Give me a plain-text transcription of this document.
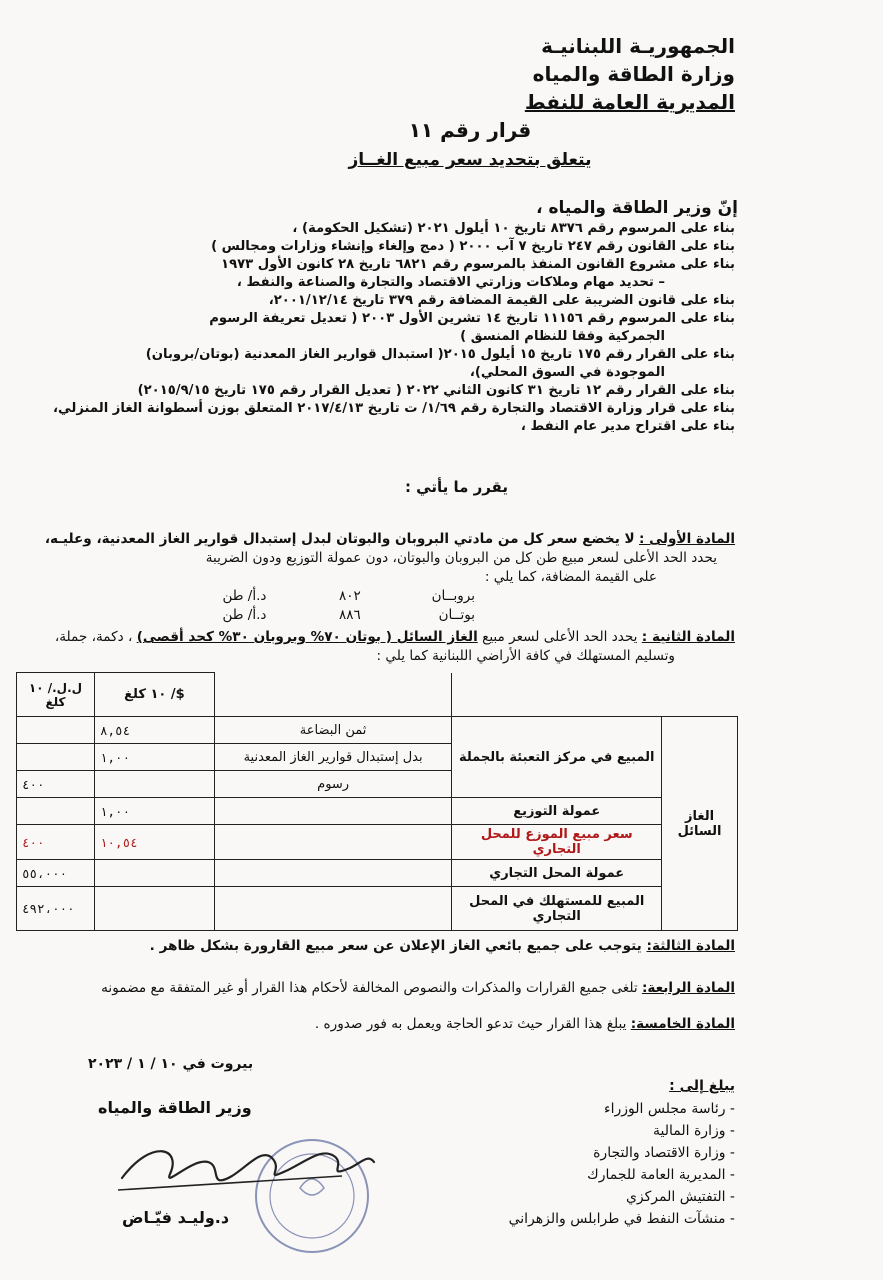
الجمهوريـة اللبنانيـة
وزارة الطاقة والمياه
المديرية العامة للنفط
قرار رقم ١١
يتعلق بتحديد سعر مبيع الغــاز
إنّ وزير الطاقة والمياه ،
بناء على المرسوم رقم ٨٣٧٦ تاريخ ١٠ أيلول ٢٠٢١ (تشكيل الحكومة) ،
بناء على القانون رقم ٢٤٧ تاريخ ٧ آب ٢٠٠٠ ( دمج وإلغاء وإنشاء وزارات ومجالس )
بناء على مشروع القانون المنفذ بالمرسوم رقم ٦٨٢١ تاريخ ٢٨ كانون الأول ١٩٧٣
– تحديد مهام وملاكات وزارتي الاقتصاد والتجارة والصناعة والنفط ،
بناء على قانون الضريبة على القيمة المضافة رقم ٣٧٩ تاريخ ٢٠٠١/١٢/١٤،
بناء على المرسوم رقم ١١١٥٦ تاريخ ١٤ تشرين الأول ٢٠٠٣ ( تعديل تعريفة الرسوم
الجمركية وفقا للنظام المنسق )
بناء على القرار رقم ١٧٥ تاريخ ١٥ أيلول ٢٠١٥( استبدال قوارير الغاز المعدنية (بوتان/بروبان)
الموجودة في السوق المحلي)،
بناء على القرار رقم ١٢ تاريخ ٣١ كانون الثاني ٢٠٢٢ ( تعديل القرار رقم ١٧٥ تاريخ ٢٠١٥/٩/١٥)
بناء على قرار وزارة الاقتصاد والتجارة رقم ١/٦٩/ ت تاريخ ٢٠١٧/٤/١٣ المتعلق بوزن أسطوانة الغاز المنزلي،
بناء على اقتراح مدير عام النفط ،
يقرر ما يأتي :
المادة الأولى : لا يخضع سعر كل من مادتي البروبان والبوتان لبدل إستبدال قوارير الغاز المعدنية، وعليـه،
يحدد الحد الأعلى لسعر مبيع طن كل من البروبان والبوتان، دون عمولة التوزيع ودون الضريبة
على القيمة المضافة، كما يلي :
بروبــان ٨٠٢ د.أ/ طن
بوتــان ٨٨٦ د.أ/ طن
المادة الثانية : يحدد الحد الأعلى لسعر مبيع الغاز السائل ( بوتان ٧٠% وبروبان ٣٠% كحد أقصى) ، دكمة، جملة،
وتسليم المستهلك في كافة الأراضي اللبنانية كما يلي :
			$/ ١٠ كلغ	ل.ل./ ١٠ كلغ
الغاز السائل	المبيع في مركز التعبئة بالجملة	ثمن البضاعة	٨,٥٤	
		بدل إستبدال قوارير الغاز المعدنية	١,٠٠	
		رسوم		٤٠٠
	عمولة التوزيع		١,٠٠	
	سعر مبيع الموزع للمحل التجاري		١٠,٥٤	٤٠٠
	عمولة المحل التجاري			٥٥،٠٠٠
	المبيع للمستهلك في المحل التجاري			٤٩٢،٠٠٠
المادة الثالثة: يتوجب على جميع بائعي الغاز الإعلان عن سعر مبيع القارورة بشكل ظاهر .
المادة الرابعة: تلغى جميع القرارات والمذكرات والنصوص المخالفة لأحكام هذا القرار أو غير المتفقة مع مضمونه
المادة الخامسة: يبلغ هذا القرار حيث تدعو الحاجة ويعمل به فور صدوره .
بيروت في ١٠ / ١ / ٢٠٢٣
يبلغ إلى :
- رئاسة مجلس الوزراء
- وزارة المالية
- وزارة الاقتصاد والتجارة
- المديرية العامة للجمارك
- التفتيش المركزي
- منشآت النفط في طرابلس والزهراني
وزير الطاقة والمياه
د.وليـد فيّـاض
